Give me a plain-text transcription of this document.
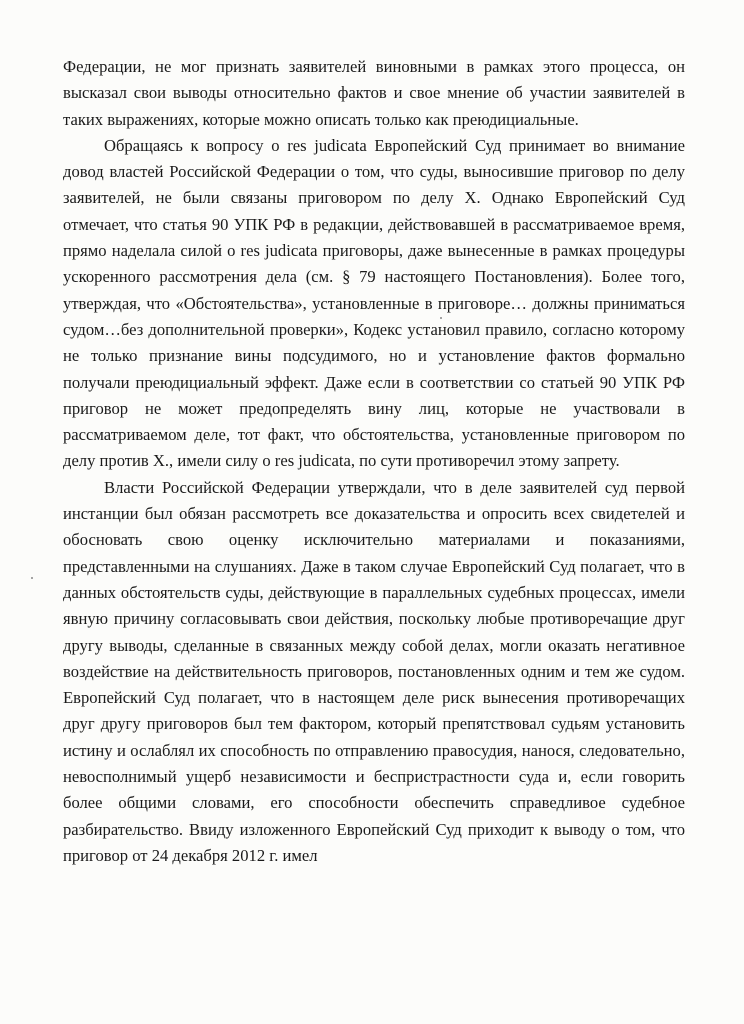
Федерации, не мог признать заявителей виновными в рамках этого процесса, он высказал свои выводы относительно фактов и свое мнение об участии заявителей в таких выражениях, которые можно описать только как преюдициальные.

Обращаясь к вопросу о res judicata Европейский Суд принимает во внимание довод властей Российской Федерации о том, что суды, выносившие приговор по делу заявителей, не были связаны приговором по делу X. Однако Европейский Суд отмечает, что статья 90 УПК РФ в редакции, действовавшей в рассматриваемое время, прямо наделала силой o res judicata приговоры, даже вынесенные в рамках процедуры ускоренного рассмотрения дела (см. § 79 настоящего Постановления). Более того, утверждая, что «Обстоятельства», установленные в приговоре… должны приниматься судом…без дополнительной проверки», Кодекс установил правило, согласно которому не только признание вины подсудимого, но и установление фактов формально получали преюдициальный эффект. Даже если в соответствии со статьей 90 УПК РФ приговор не может предопределять вину лиц, которые не участвовали в рассматриваемом деле, тот факт, что обстоятельства, установленные приговором по делу против X., имели силу o res judicata, по сути противоречил этому запрету.

Власти Российской Федерации утверждали, что в деле заявителей суд первой инстанции был обязан рассмотреть все доказательства и опросить всех свидетелей и обосновать свою оценку исключительно материалами и показаниями, представленными на слушаниях. Даже в таком случае Европейский Суд полагает, что в данных обстоятельств суды, действующие в параллельных судебных процессах, имели явную причину согласовывать свои действия, поскольку любые противоречащие друг другу выводы, сделанные в связанных между собой делах, могли оказать негативное воздействие на действительность приговоров, постановленных одним и тем же судом. Европейский Суд полагает, что в настоящем деле риск вынесения противоречащих друг другу приговоров был тем фактором, который препятствовал судьям установить истину и ослаблял их способность по отправлению правосудия, нанося, следовательно, невосполнимый ущерб независимости и беспристрастности суда и, если говорить более общими словами, его способности обеспечить справедливое судебное разбирательство. Ввиду изложенного Европейский Суд приходит к выводу о том, что приговор от 24 декабря 2012 г. имел
